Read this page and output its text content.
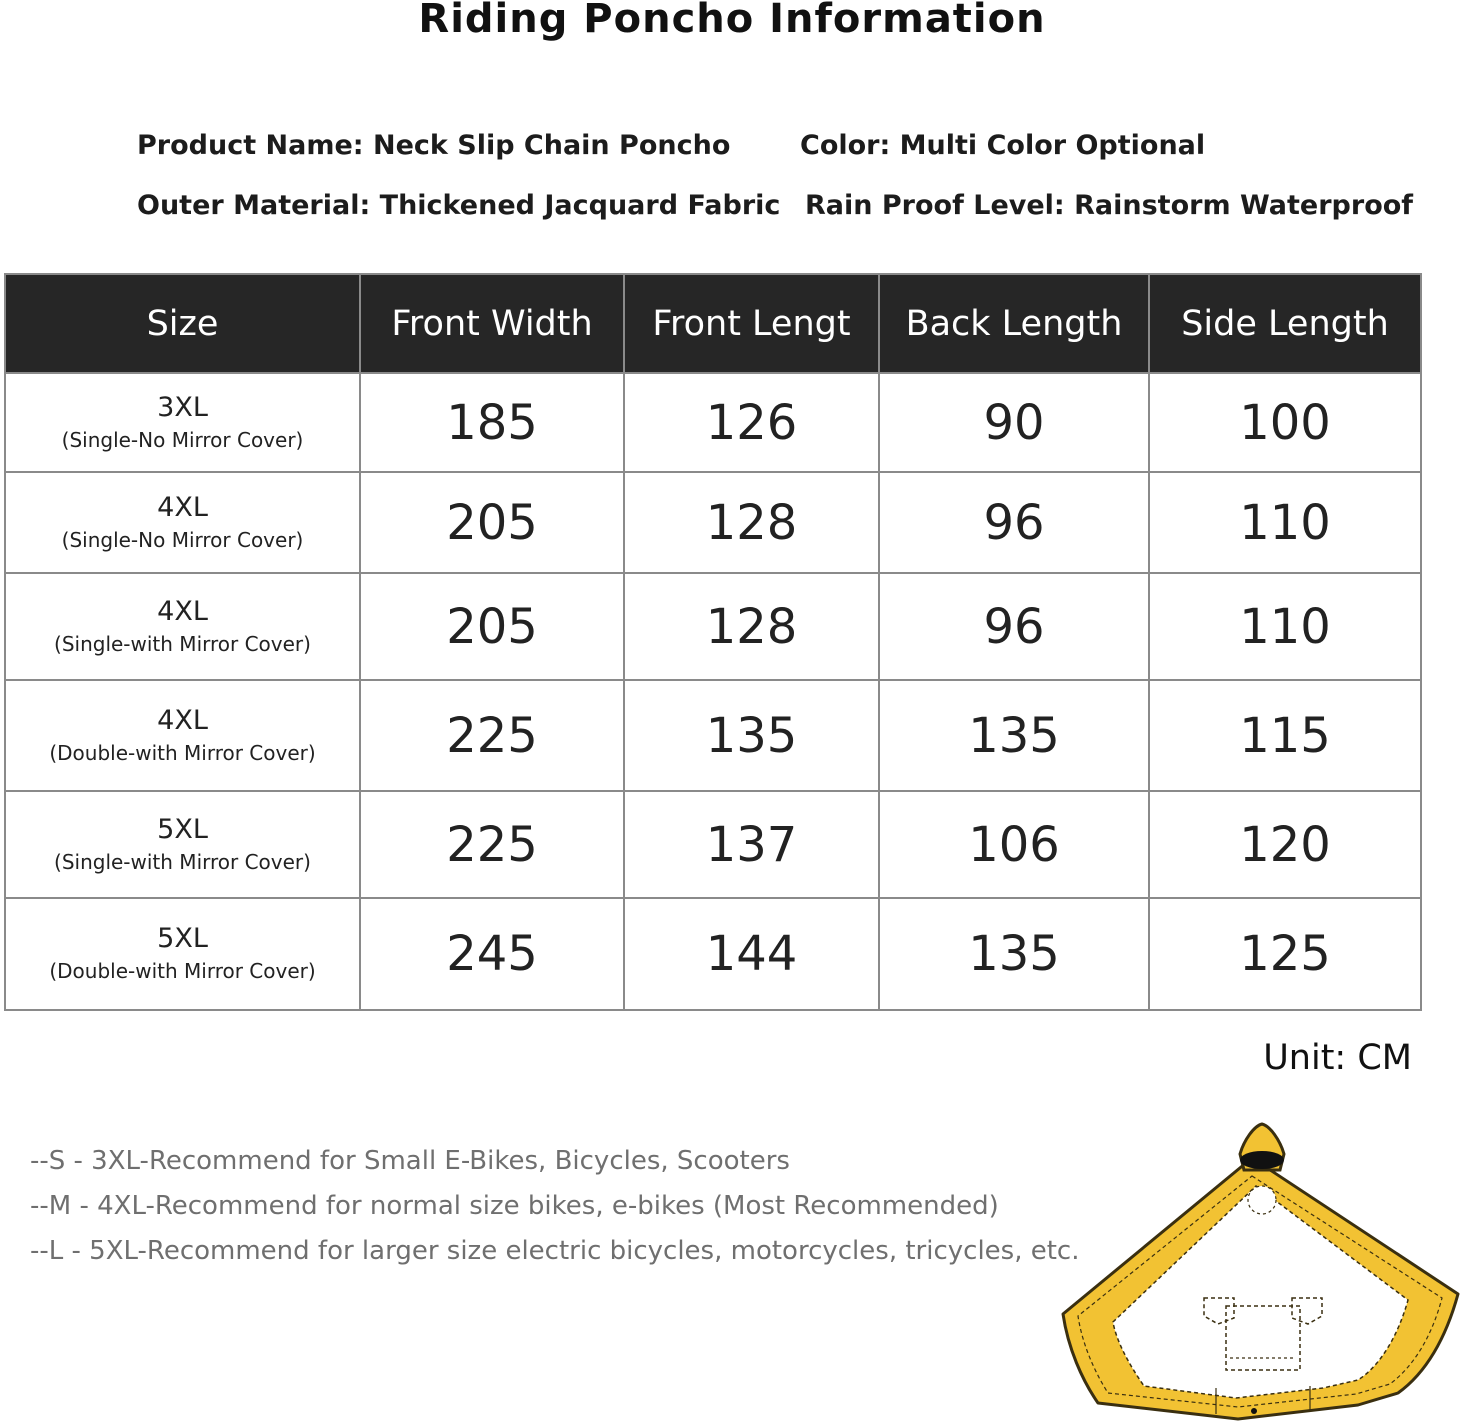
Riding Poncho Information
Product Name: Neck Slip Chain Poncho	Color: Multi Color Optional
Outer Material: Thickened Jacquard Fabric Rain Proof Level: Rainstorm Waterproof
Size	Front Width	Front Lengt	Back Length	Side Length

3XL
(Single-No Mirror Cover)	185	126	90	100

4XL
(Single-No Mirror Cover)	205	128	96	110

4XL
(Single-with Mirror Cover)	205	128	96	110

4XL
(Double-with Mirror Cover)	225	135	135	115

5XL
(Single-with Mirror Cover)	225	137	106	120

5XL
(Double-with Mirror Cover)	245	144	135	125
Unit: CM
--S - 3XL-Recommend for Small E-Bikes, Bicycles, Scooters
--M - 4XL-Recommend for normal size bikes, e-bikes (Most Recommended)
--L - 5XL-Recommend for larger size electric bicycles, motorcycles, tricycles, etc.
